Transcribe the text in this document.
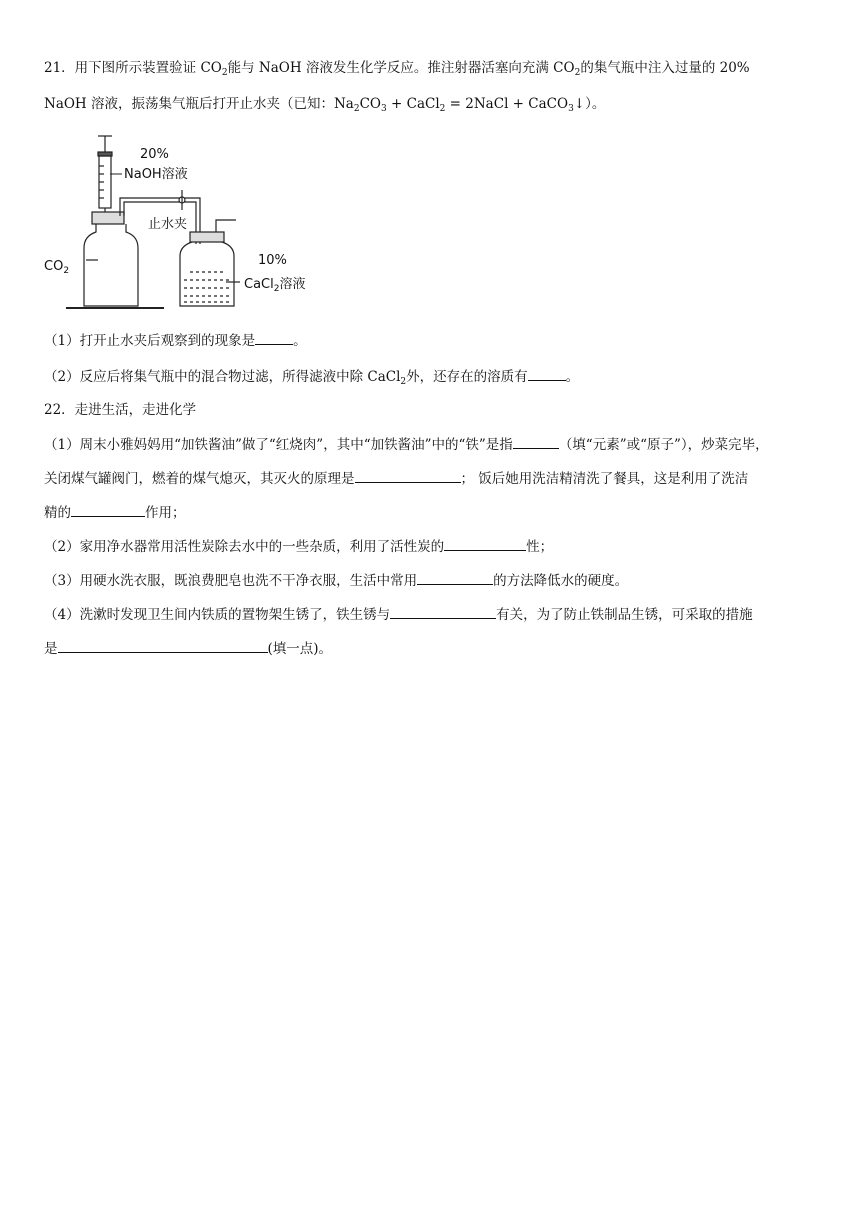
21．用下图所示装置验证 $CO_2$能与 NaOH 溶液发生化学反应。推注射器活塞向充满 $CO_2$的集气瓶中注入过量的 20%
NaOH 溶液，振荡集气瓶后打开止水夹（已知：$Na_2CO_3$ + CaCl$_2$ = 2NaCl + CaCO$_3$↓）。
20%
NaOH溶液
止水夹
$CO_2$
10%
CaCl$_2$溶液
（1）打开止水夹后观察到的现象是	。
（2）反应后将集气瓶中的混合物过滤，所得滤液中除 CaCl$_2$外，还存在的溶质有	。
22．走进生活，走进化学
（1）周末小雅妈妈用“加铁酱油”做了“红烧肉”，其中“加铁酱油”中的“铁”是指	（填“元素”或“原子”），炒菜完毕，
关闭煤气罐阀门，燃着的煤气熄灭，其灭火的原理是	； 饭后她用洗洁精清洗了餐具，这是利用了洗洁
精的	作用；
（2）家用净水器常用活性炭除去水中的一些杂质，利用了活性炭的	性；
（3）用硬水洗衣服，既浪费肥皂也洗不干净衣服，生活中常用	的方法降低水的硬度。
（4）洗漱时发现卫生间内铁质的置物架生锈了，铁生锈与	有关，为了防止铁制品生锈，可采取的措施
是	(填一点)。
